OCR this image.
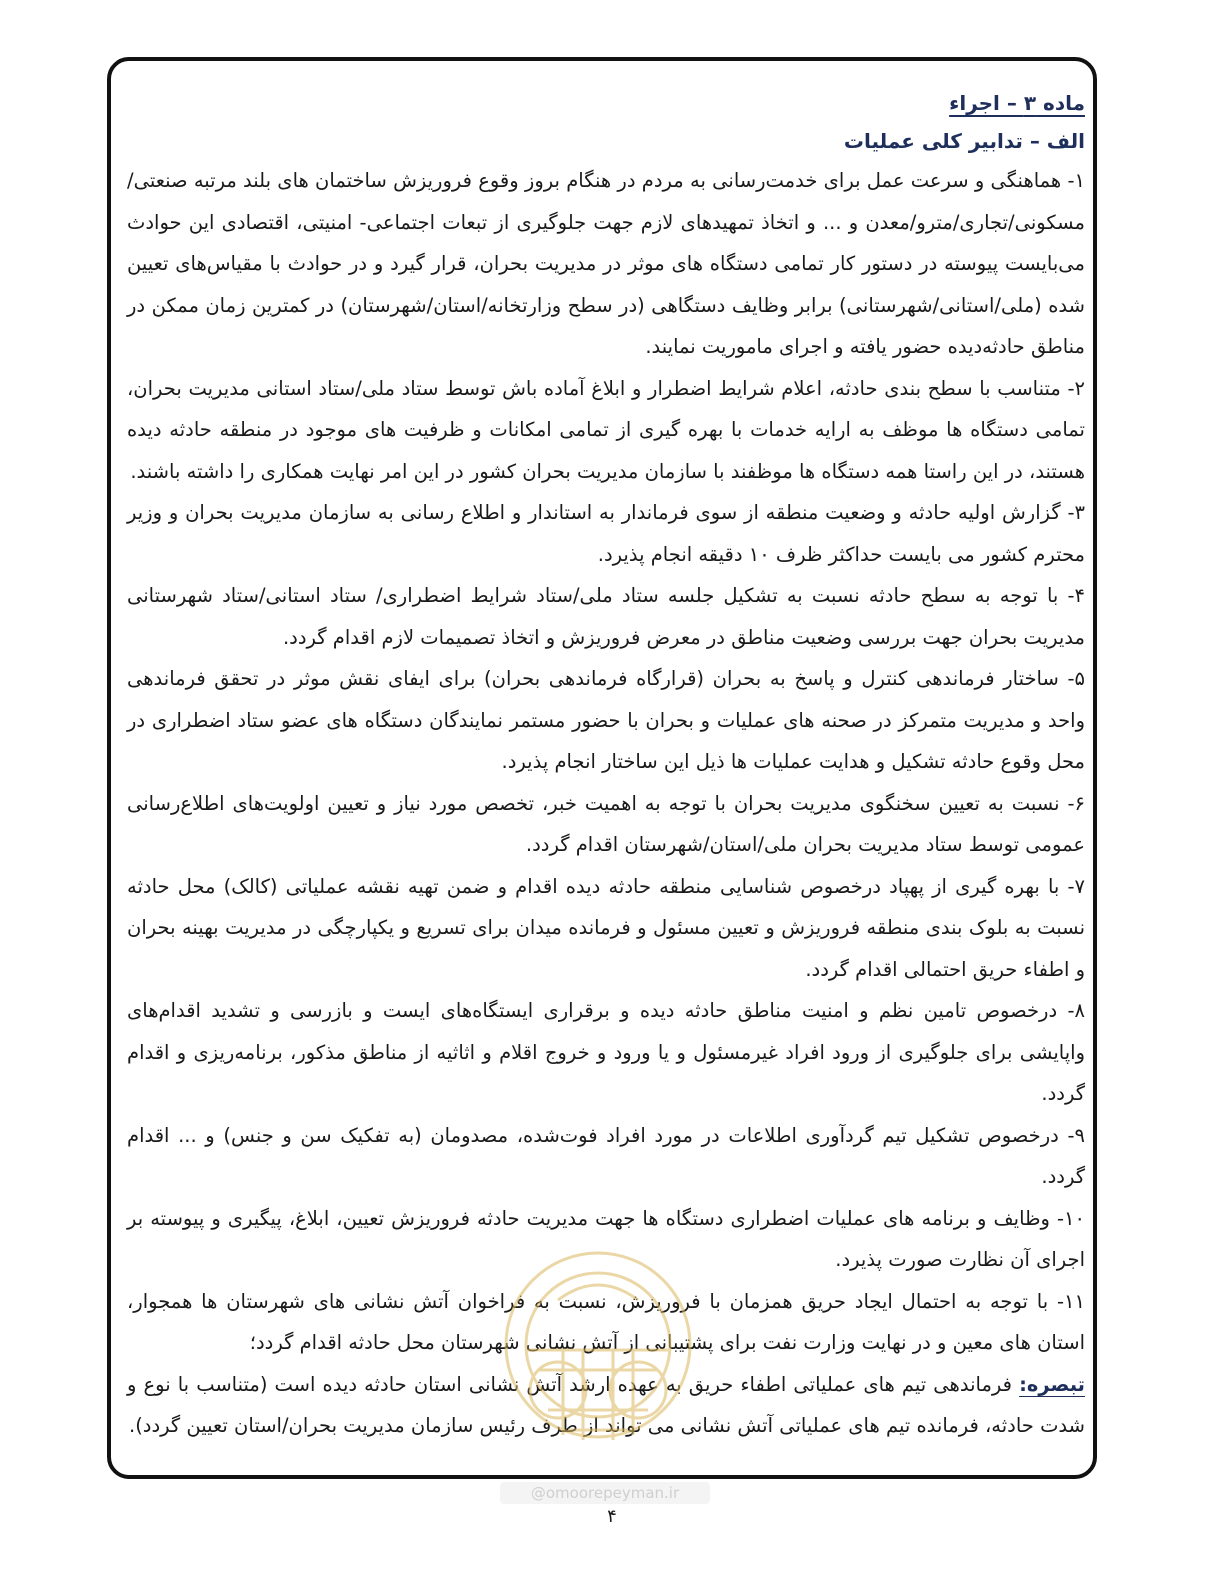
ماده ۳ – اجراء
الف – تدابیر کلی عملیات

۱- هماهنگی و سرعت عمل برای خدمت‌رسانی به مردم در هنگام بروز وقوع فروریزش ساختمان های بلند مرتبه صنعتی/مسکونی/تجاری/مترو/معدن و ... و اتخاذ تمهیدهای لازم جهت جلوگیری از تبعات اجتماعی- امنیتی، اقتصادی این حوادث می‌بایست پیوسته در دستور کار تمامی دستگاه های موثر در مدیریت بحران، قرار گیرد و در حوادث با مقیاس‌های تعیین شده (ملی/استانی/شهرستانی) برابر وظایف دستگاهی (در سطح وزارتخانه/استان/شهرستان) در کمترین زمان ممکن در مناطق حادثه‌دیده حضور یافته و اجرای ماموریت نمایند.

۲- متناسب با سطح بندی حادثه، اعلام شرایط اضطرار و ابلاغ آماده باش توسط ستاد ملی/ستاد استانی مدیریت بحران، تمامی دستگاه ها موظف به ارایه خدمات با بهره گیری از تمامی امکانات و ظرفیت های موجود در منطقه حادثه دیده هستند، در این راستا همه دستگاه ها موظفند با سازمان مدیریت بحران کشور در این امر نهایت همکاری را داشته باشند.

۳- گزارش اولیه حادثه و وضعیت منطقه از سوی فرماندار به استاندار و اطلاع رسانی به سازمان مدیریت بحران و وزیر محترم کشور می بایست حداکثر ظرف ۱۰ دقیقه انجام پذیرد.

۴- با توجه به سطح حادثه نسبت به تشکیل جلسه ستاد ملی/ستاد شرایط اضطراری/ ستاد استانی/ستاد شهرستانی مدیریت بحران جهت بررسی وضعیت مناطق در معرض فروریزش و اتخاذ تصمیمات لازم اقدام گردد.

۵- ساختار فرماندهی کنترل و پاسخ به بحران (قرارگاه فرماندهی بحران) برای ایفای نقش موثر در تحقق فرماندهی واحد و مدیریت متمرکز در صحنه های عملیات و بحران با حضور مستمر نمایندگان دستگاه های عضو ستاد اضطراری در محل وقوع حادثه تشکیل و هدایت عملیات ها ذیل این ساختار انجام پذیرد.

۶- نسبت به تعیین سخنگوی مدیریت بحران با توجه به اهمیت خبر، تخصص مورد نیاز و تعیین اولویت‌های اطلاع‌رسانی عمومی توسط ستاد مدیریت بحران ملی/استان/شهرستان اقدام گردد.

۷- با بهره گیری از پهپاد درخصوص شناسایی منطقه حادثه دیده اقدام و ضمن تهیه نقشه عملیاتی (کالک) محل حادثه نسبت به بلوک بندی منطقه فروریزش و تعیین مسئول و فرمانده میدان برای تسریع و یکپارچگی در مدیریت بهینه بحران و اطفاء حریق احتمالی اقدام گردد.

۸- درخصوص تامین نظم و امنیت مناطق حادثه دیده و برقراری ایستگاه‌های ایست و بازرسی و تشدید اقدام‌های واپایشی برای جلوگیری از ورود افراد غیرمسئول و یا ورود و خروج اقلام و اثاثیه از مناطق مذکور، برنامه‌ریزی و اقدام گردد.

۹- درخصوص تشکیل تیم گردآوری اطلاعات در مورد افراد فوت‌شده، مصدومان (به تفکیک سن و جنس) و ... اقدام گردد.

۱۰- وظایف و برنامه های عملیات اضطراری دستگاه ها جهت مدیریت حادثه فروریزش تعیین، ابلاغ، پیگیری و پیوسته بر اجرای آن نظارت صورت پذیرد.

۱۱- با توجه به احتمال ایجاد حریق همزمان با فروریزش، نسبت به فراخوان آتش نشانی های شهرستان ها همجوار، استان های معین و در نهایت وزارت نفت برای پشتیبانی از آتش نشانی شهرستان محل حادثه اقدام گردد؛

تبصره: فرماندهی تیم های عملیاتی اطفاء حریق به عهده ارشد آتش نشانی استان حادثه دیده است (متناسب با نوع و شدت حادثه، فرمانده تیم های عملیاتی آتش نشانی می تواند از طرف رئیس سازمان مدیریت بحران/استان تعیین گردد).

@omoorepeyman.ir
۴
